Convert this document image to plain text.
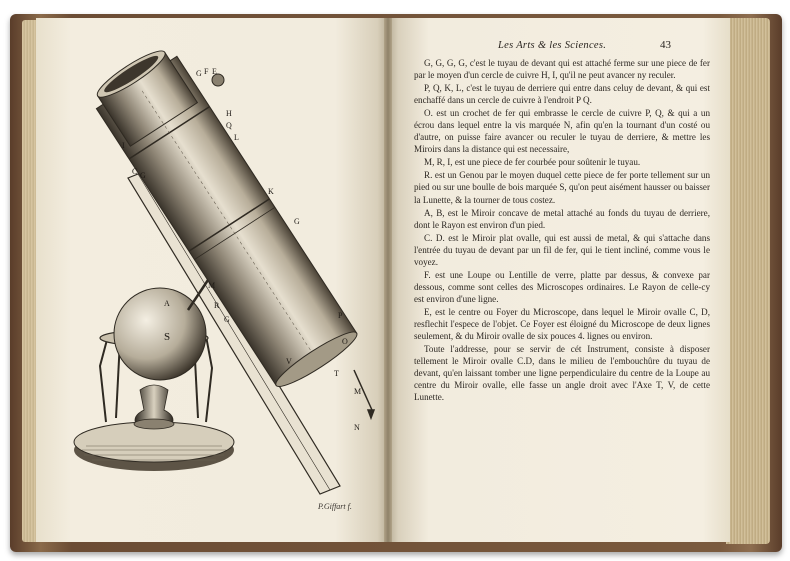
S
G F E
H
Q
L
I
C G
K
G
A
M
R
G	P
O
V
T
M
N
P.Giffart f.
Les Arts & les Sciences.	43

G, G, G, G, c'est le tuyau de devant qui est attaché ferme sur une piece de fer par le moyen d'un cercle de cuivre H, I, qu'il ne peut avancer ny reculer.

P, Q, K, L, c'est le tuyau de derriere qui entre dans celuy de devant, & qui est enchaffé dans un cercle de cuivre à l'endroit P Q.

O. est un crochet de fer qui embrasse le cercle de cuivre P, Q, & qui a un écrou dans lequel entre la vis marquée N, afin qu'en la tournant d'un costé ou d'autre, on puisse faire avancer ou reculer le tuyau de derriere, & mettre les Miroirs dans la distance qui est necessaire,

M, R, I, est une piece de fer courbée pour soûtenir le tuyau.

R. est un Genou par le moyen duquel cette piece de fer porte tellement sur un pied ou sur une boulle de bois marquée S, qu'on peut aisément hausser ou baisser la Lunette, & la tourner de tous costez.

A, B, est le Miroir concave de metal attaché au fonds du tuyau de derriere, dont le Rayon est environ d'un pied.

C. D. est le Miroir plat ovalle, qui est aussi de metal, & qui s'attache dans l'entrée du tuyau de devant par un fil de fer, qui le tient incliné, comme vous le voyez.

F. est une Loupe ou Lentille de verre, platte par dessus, & convexe par dessous, comme sont celles des Microscopes ordinaires. Le Rayon de celle-cy est environ d'une ligne.

E, est le centre ou Foyer du Microscope, dans lequel le Miroir ovalle C, D, resflechit l'espece de l'objet. Ce Foyer est éloigné du Microscope de deux lignes seulement, & du Miroir ovalle de six pouces 4. lignes ou environ.

Toute l'addresse, pour se servir de cét Instrument, consiste à disposer tellement le Miroir ovalle C.D, dans le milieu de l'embouchûre du tuyau de devant, qu'en laissant tomber une ligne perpendiculaire du centre de la Loupe au centre du Miroir ovalle, elle fasse un angle droit avec l'Axe T, V, de cette Lunette.
